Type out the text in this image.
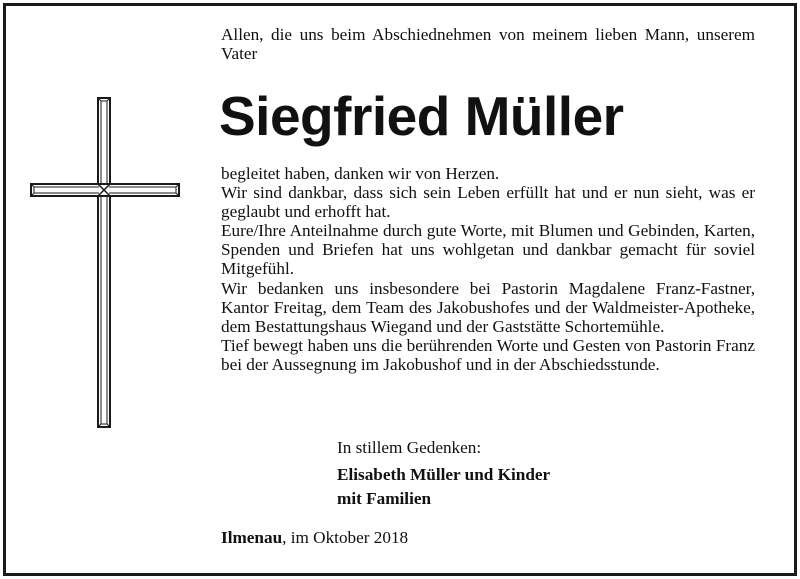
Allen, die uns beim Abschiednehmen von meinem lieben Mann, unserem Vater
Siegfried Müller

begleitet haben, danken wir von Herzen.

Wir sind dankbar, dass sich sein Leben erfüllt hat und er nun sieht, was er geglaubt und erhofft hat.

Eure/Ihre Anteilnahme durch gute Worte, mit Blumen und Gebinden, Karten, Spenden und Briefen hat uns wohlgetan und dankbar gemacht für soviel Mitgefühl.

Wir bedanken uns insbesondere bei Pastorin Magdalene Franz-Fastner, Kantor Freitag, dem Team des Jakobushofes und der Waldmeister-Apotheke, dem Bestattungshaus Wiegand und der Gaststätte Schortemühle.

Tief bewegt haben uns die berührenden Worte und Gesten von Pastorin Franz bei der Aussegnung im Jakobushof und in der Abschiedsstunde.

In stillem Gedenken:
Elisabeth Müller und Kinder
mit Familien
Ilmenau, im Oktober 2018
